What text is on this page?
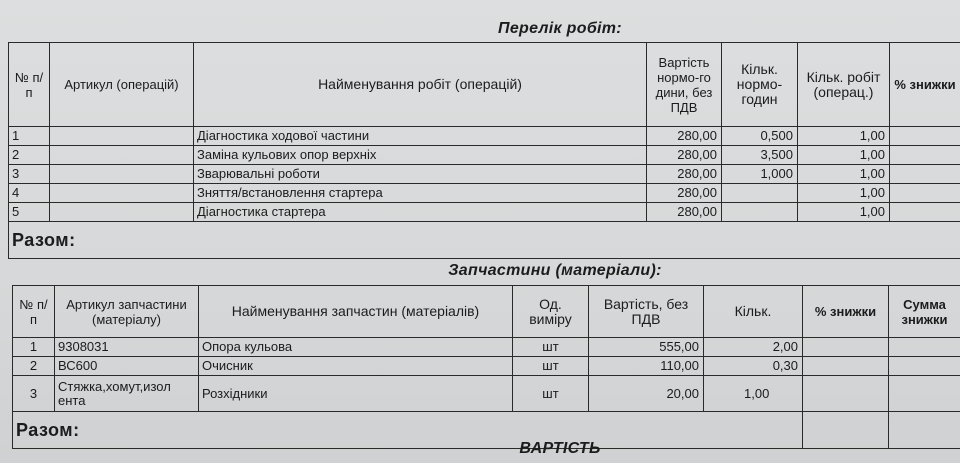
Перелік робіт:
№ п/п	Артикул (операцій)	Найменування робіт (операцій)	Вартість нормо-го дини, без ПДВ	Кільк. нормо-годин	Кільк. робіт (операц.)	% знижки
1		Діагностика ходової частини	280,00	0,500	1,00	
2		Заміна кульових опор верхніх	280,00	3,500	1,00	
3		Зварювальні роботи	280,00	1,000	1,00	
4		Зняття/встановлення стартера	280,00		1,00	
5		Діагностика стартера	280,00		1,00	
Разом:						
Запчастини (матеріали):
№ п/п	Артикул запчастини (матеріалу)	Найменування запчастин (матеріалів)	Од. виміру	Вартість, без ПДВ	Кільк.	% знижки	Сумма знижки
1	9308031	Опора кульова	шт	555,00	2,00		
2	ВС600	Очисник	шт	110,00	0,30		
3	Стяжка,хомут,изол ента	Розхідники	шт	20,00	1,00		
Разом:							
ВАРТІСТЬ
